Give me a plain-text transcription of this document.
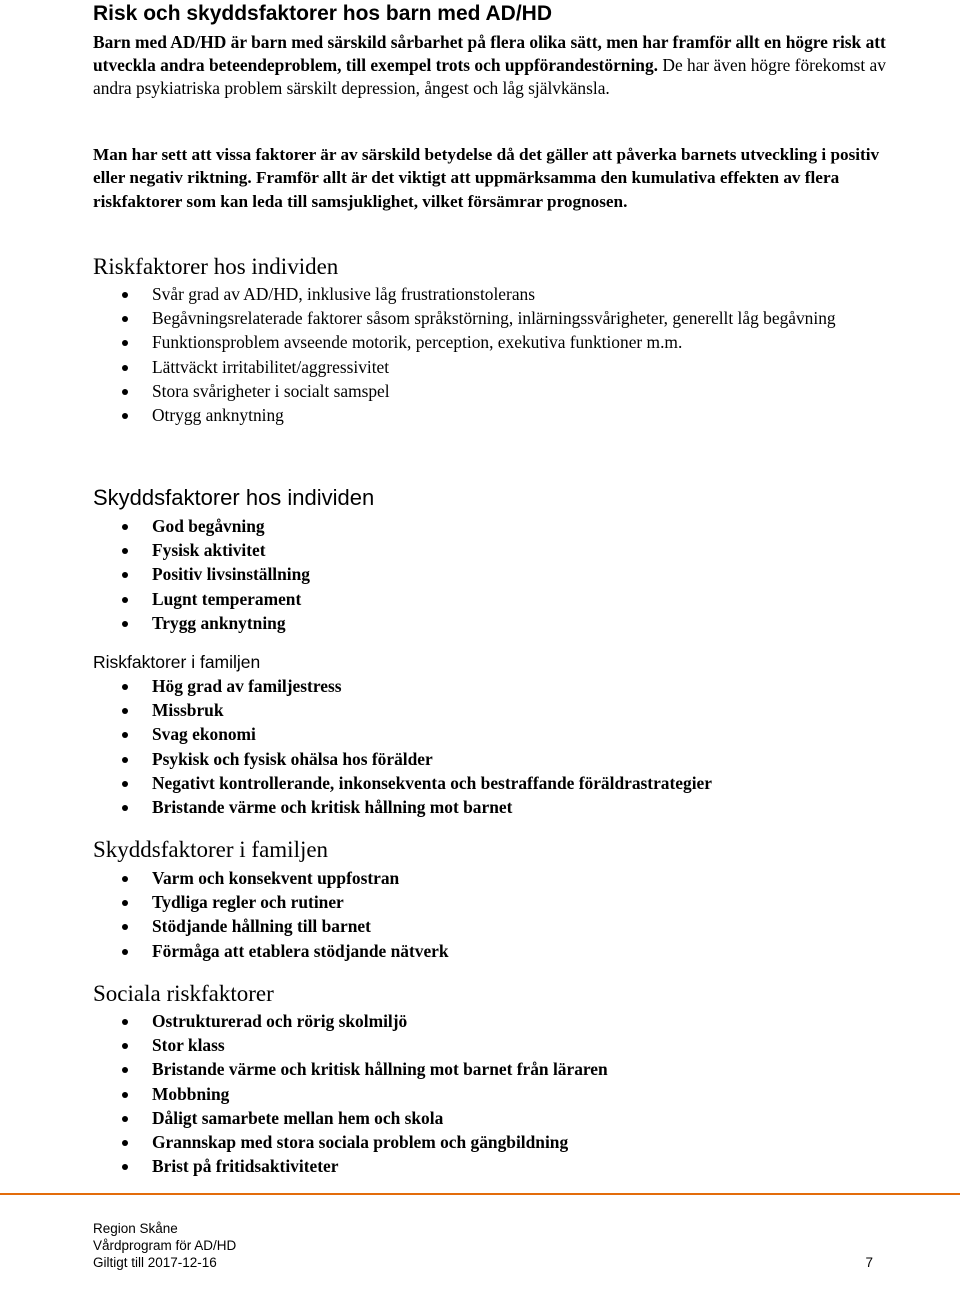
Risk och skyddsfaktorer hos barn med AD/HD

Barn med AD/HD är barn med särskild sårbarhet på flera olika sätt, men har framför allt en högre risk att utveckla andra beteendeproblem, till exempel trots och uppförandestörning. De har även högre förekomst av andra psykiatriska problem särskilt depression, ångest och låg självkänsla.

Man har sett att vissa faktorer är av särskild betydelse då det gäller att påverka barnets utveckling i positiv eller negativ riktning. Framför allt är det viktigt att uppmärksamma den kumulativa effekten av flera riskfaktorer som kan leda till samsjuklighet, vilket försämrar prognosen.

Riskfaktorer hos individen
Svår grad av AD/HD, inklusive låg frustrationstolerans
Begåvningsrelaterade faktorer såsom språkstörning, inlärningssvårigheter, generellt låg begåvning
Funktionsproblem avseende motorik, perception, exekutiva funktioner m.m.
Lättväckt irritabilitet/aggressivitet
Stora svårigheter i socialt samspel
Otrygg anknytning
Skyddsfaktorer hos individen
God begåvning
Fysisk aktivitet
Positiv livsinställning
Lugnt temperament
Trygg anknytning
Riskfaktorer i familjen
Hög grad av familjestress
Missbruk
Svag ekonomi
Psykisk och fysisk ohälsa hos förälder
Negativt kontrollerande, inkonsekventa och bestraffande föräldrastrategier
Bristande värme och kritisk hållning mot barnet
Skyddsfaktorer i familjen
Varm och konsekvent uppfostran
Tydliga regler och rutiner
Stödjande hållning till barnet
Förmåga att etablera stödjande nätverk
Sociala riskfaktorer
Ostrukturerad och rörig skolmiljö
Stor klass
Bristande värme och kritisk hållning mot barnet från läraren
Mobbning
Dåligt samarbete mellan hem och skola
Grannskap med stora sociala problem och gängbildning
Brist på fritidsaktiviteter
Region Skåne
Vårdprogram för AD/HD
Giltigt till 2017-12-16	7
